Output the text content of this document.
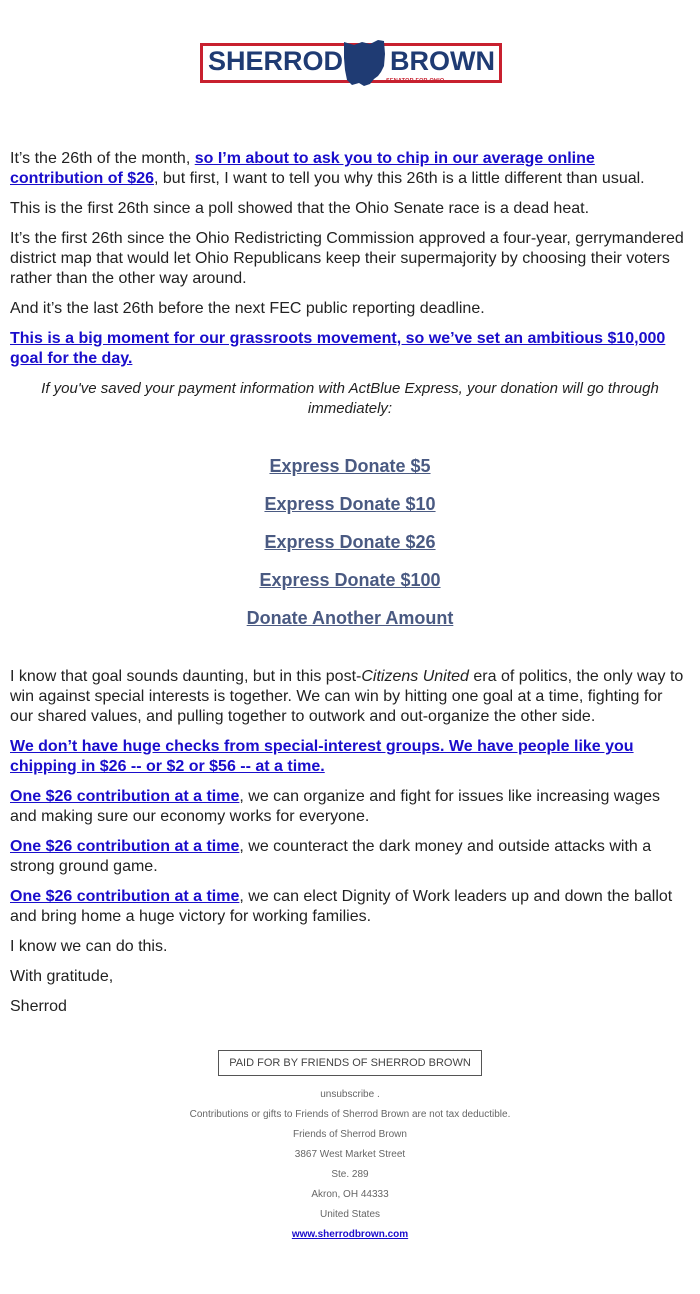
SHERROD BROWN
SENATOR FOR OHIO

It’s the 26th of the month, so I’m about to ask you to chip in our average online contribution of $26, but first, I want to tell you why this 26th is a little different than usual.

This is the first 26th since a poll showed that the Ohio Senate race is a dead heat.

It’s the first 26th since the Ohio Redistricting Commission approved a four-year, gerrymandered district map that would let Ohio Republicans keep their supermajority by choosing their voters rather than the other way around.

And it’s the last 26th before the next FEC public reporting deadline.

This is a big moment for our grassroots movement, so we’ve set an ambitious $10,000 goal for the day.

If you've saved your payment information with ActBlue Express, your donation will go through immediately:

Express Donate $5
Express Donate $10
Express Donate $26
Express Donate $100
Donate Another Amount

I know that goal sounds daunting, but in this post-Citizens United era of politics, the only way to win against special interests is together. We can win by hitting one goal at a time, fighting for our shared values, and pulling together to outwork and out-organize the other side.

We don’t have huge checks from special-interest groups. We have people like you chipping in $26 -- or $2 or $56 -- at a time.

One $26 contribution at a time, we can organize and fight for issues like increasing wages and making sure our economy works for everyone.

One $26 contribution at a time, we counteract the dark money and outside attacks with a strong ground game.

One $26 contribution at a time, we can elect Dignity of Work leaders up and down the ballot and bring home a huge victory for working families.

I know we can do this.

With gratitude,

Sherrod

PAID FOR BY FRIENDS OF SHERROD BROWN
unsubscribe .
Contributions or gifts to Friends of Sherrod Brown are not tax deductible.
Friends of Sherrod Brown
3867 West Market Street
Ste. 289
Akron, OH 44333
United States
www.sherrodbrown.com
